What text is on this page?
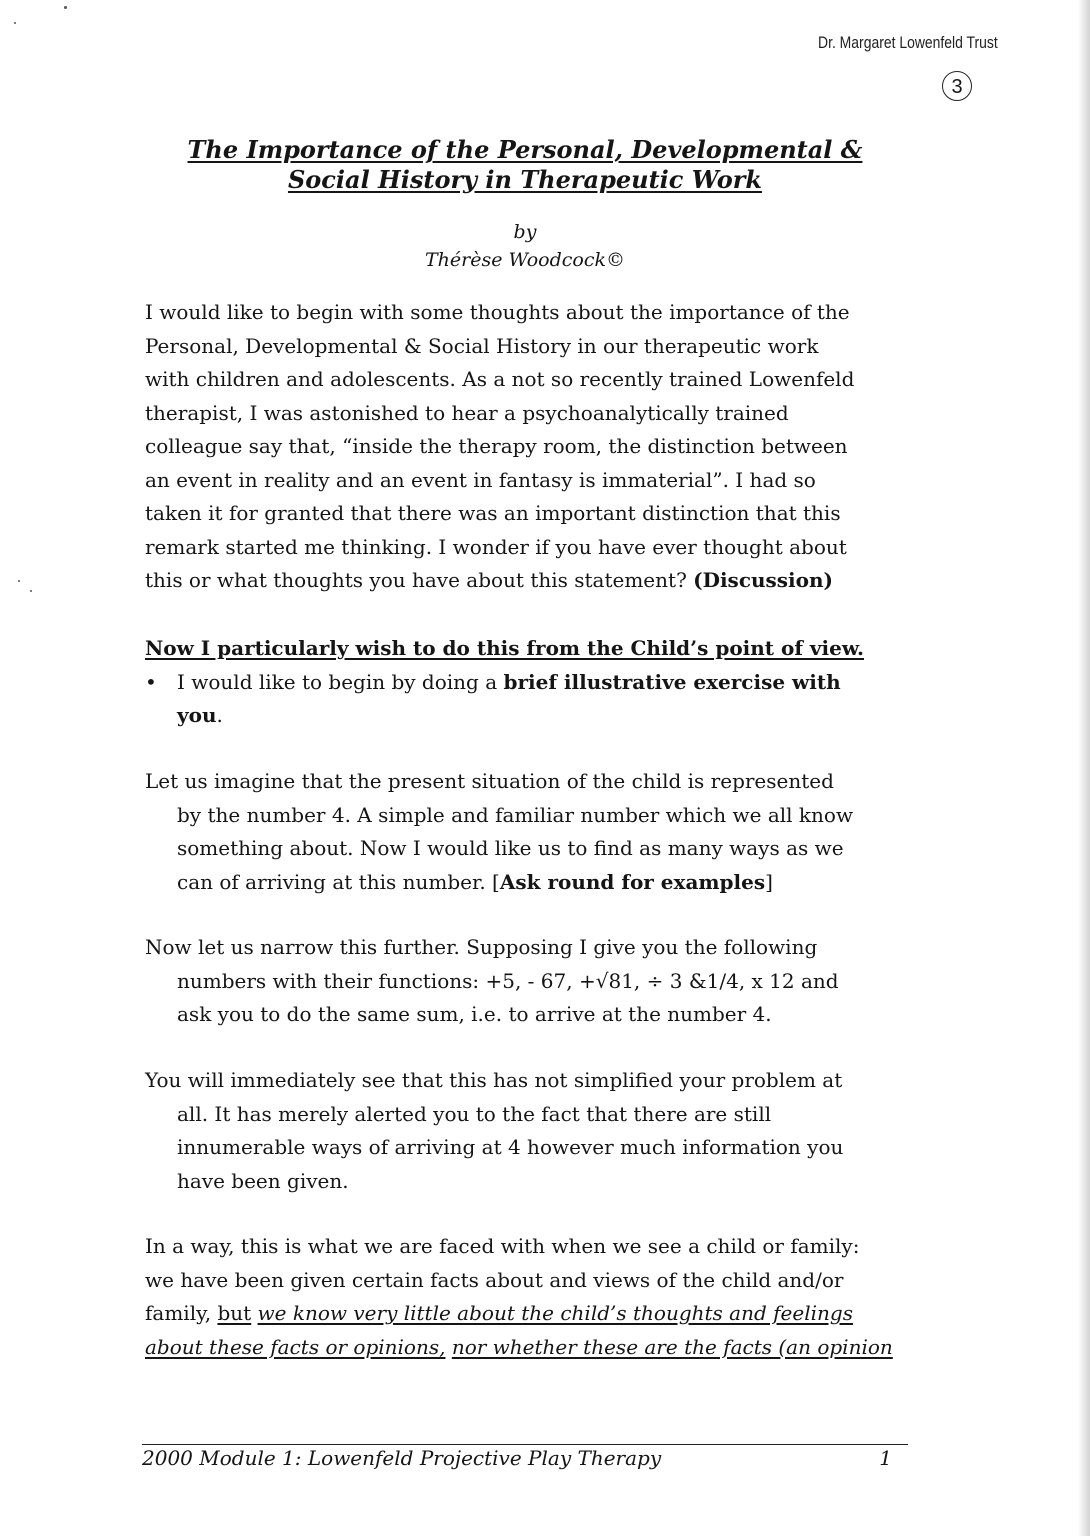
Dr. Margaret Lowenfeld Trust
3
The Importance of the Personal, Developmental &
Social History in Therapeutic Work
by
Thérèse Woodcock©
I would like to begin with some thoughts about the importance of the
Personal, Developmental & Social History in our therapeutic work
with children and adolescents. As a not so recently trained Lowenfeld
therapist, I was astonished to hear a psychoanalytically trained
colleague say that, “inside the therapy room, the distinction between
an event in reality and an event in fantasy is immaterial”. I had so
taken it for granted that there was an important distinction that this
remark started me thinking. I wonder if you have ever thought about
this or what thoughts you have about this statement? (Discussion)
Now I particularly wish to do this from the Child’s point of view.
• I would like to begin by doing a brief illustrative exercise with
you.
Let us imagine that the present situation of the child is represented
by the number 4. A simple and familiar number which we all know
something about. Now I would like us to find as many ways as we
can of arriving at this number. [Ask round for examples]
Now let us narrow this further. Supposing I give you the following
numbers with their functions: +5, - 67, +√81, ÷ 3 &1/4, x 12 and
ask you to do the same sum, i.e. to arrive at the number 4.
You will immediately see that this has not simplified your problem at
all. It has merely alerted you to the fact that there are still
innumerable ways of arriving at 4 however much information you
have been given.
In a way, this is what we are faced with when we see a child or family:
we have been given certain facts about and views of the child and/or
family, but we know very little about the child’s thoughts and feelings
about these facts or opinions, nor whether these are the facts (an opinion
2000 Module 1: Lowenfeld Projective Play Therapy	1
